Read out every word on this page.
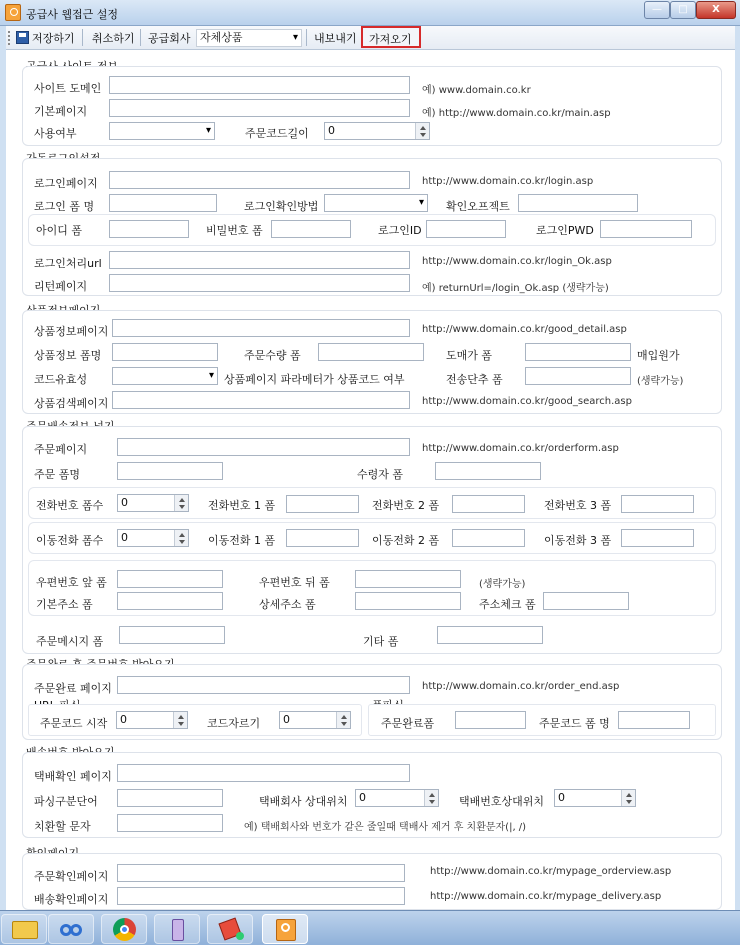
공급사 웹접근 설정	—	□	X
저장하기 취소하기 공급회사 자체상품 ▾	내보내기 가져오기
사이트 도메인	예) www.domain.co.kr
기본페이지	예) http://www.domain.co.kr/main.asp
사용여부 ▾	주문코드길이	0
로그인페이지	http://www.domain.co.kr/login.asp
로그인 폼 명	로그인확인방법 ▾	확인오프젝트
아이디 폼	비밀번호 폼	로그인ID	로그인PWD
로그인처리url	http://www.domain.co.kr/login_Ok.asp
리턴페이지	예) returnUrl=/login_Ok.asp (생략가능)
상품정보페이지	http://www.domain.co.kr/good_detail.asp
상품정보 폼명	주문수량 폼	도매가 폼	매입원가
코드유효성 ▾	상품페이지 파라메터가 상품코드 여부	전송단추 폼	(생략가능)
상품검색페이지	http://www.domain.co.kr/good_search.asp
주문페이지	http://www.domain.co.kr/orderform.asp
주문 폼명	수령자 폼
전화번호 폼수	0	전화번호 1 폼	전화번호 2 폼	전화번호 3 폼
이동전화 폼수	0	이동전화 1 폼	이동전화 2 폼	이동전화 3 폼
우편번호 앞 폼	우편번호 뒤 폼	(생략가능)
기본주소 폼	상세주소 폼	주소체크 폼
주문메시지 폼	기타 폼
주문완료 페이지	http://www.domain.co.kr/order_end.asp
주문코드 시작	0	코드자르기	0	주문완료폼	주문코드 폼 명
택배확인 페이지
파싱구분단어	택배회사 상대위치	0	택배번호상대위치	0
치환할 문자	예) 택배회사와 번호가 같은 줄일때 택배사 제거 후 치환문자(|, /)
주문확인페이지	http://www.domain.co.kr/mypage_orderview.asp
배송확인페이지	http://www.domain.co.kr/mypage_delivery.asp
